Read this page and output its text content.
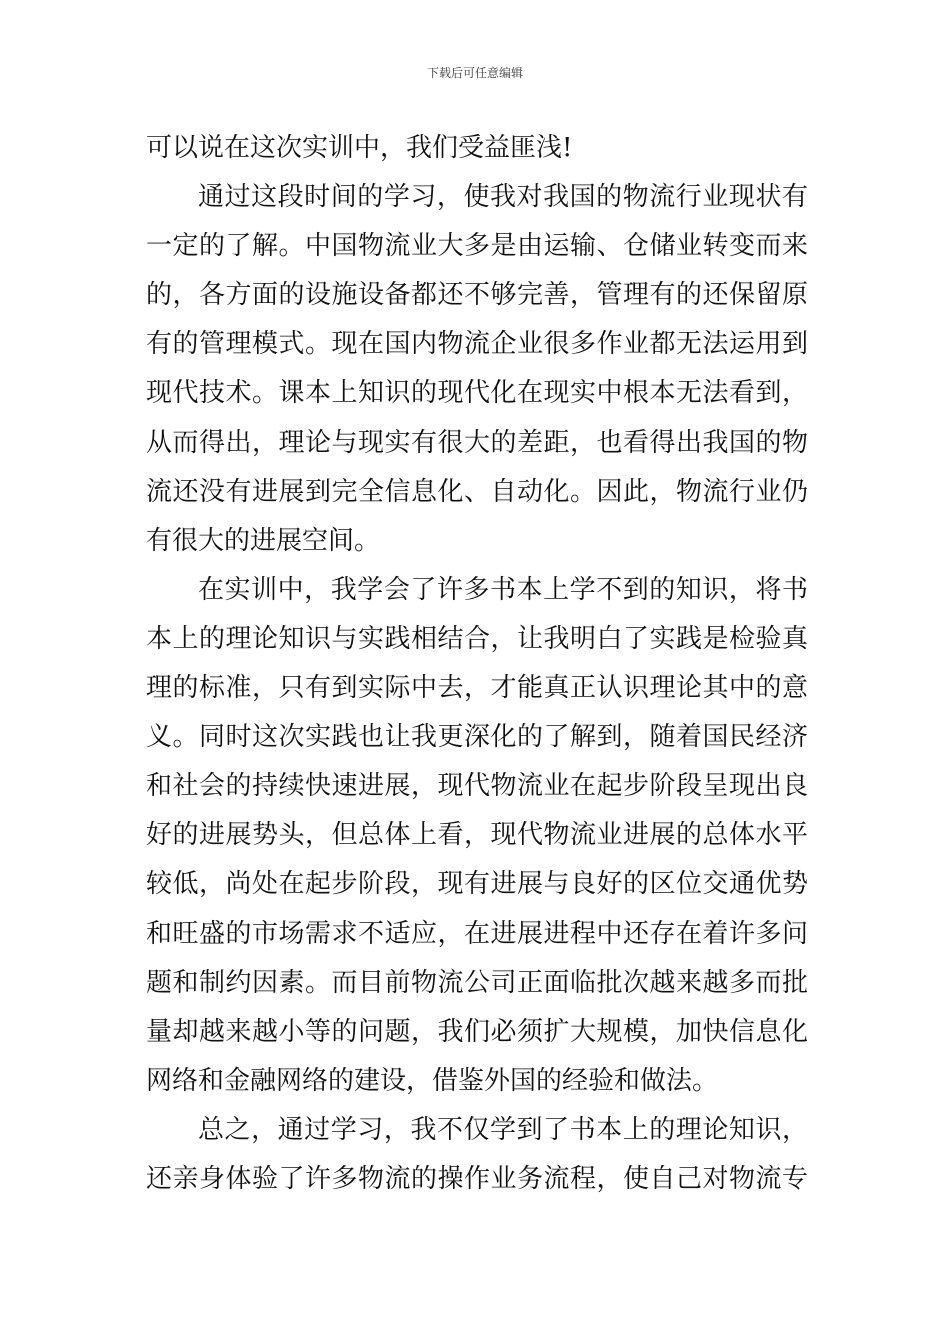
下载后可任意编辑
可以说在这次实训中，我们受益匪浅!
通过这段时间的学习，使我对我国的物流行业现状有
一定的了解。中国物流业大多是由运输、仓储业转变而来
的，各方面的设施设备都还不够完善，管理有的还保留原
有的管理模式。现在国内物流企业很多作业都无法运用到
现代技术。课本上知识的现代化在现实中根本无法看到，
从而得出，理论与现实有很大的差距，也看得出我国的物
流还没有进展到完全信息化、自动化。因此，物流行业仍
有很大的进展空间。
在实训中，我学会了许多书本上学不到的知识，将书
本上的理论知识与实践相结合，让我明白了实践是检验真
理的标准，只有到实际中去，才能真正认识理论其中的意
义。同时这次实践也让我更深化的了解到，随着国民经济
和社会的持续快速进展，现代物流业在起步阶段呈现出良
好的进展势头，但总体上看，现代物流业进展的总体水平
较低，尚处在起步阶段，现有进展与良好的区位交通优势
和旺盛的市场需求不适应，在进展进程中还存在着许多问
题和制约因素。而目前物流公司正面临批次越来越多而批
量却越来越小等的问题，我们必须扩大规模，加快信息化
网络和金融网络的建设，借鉴外国的经验和做法。
总之，通过学习，我不仅学到了书本上的理论知识，
还亲身体验了许多物流的操作业务流程，使自己对物流专
